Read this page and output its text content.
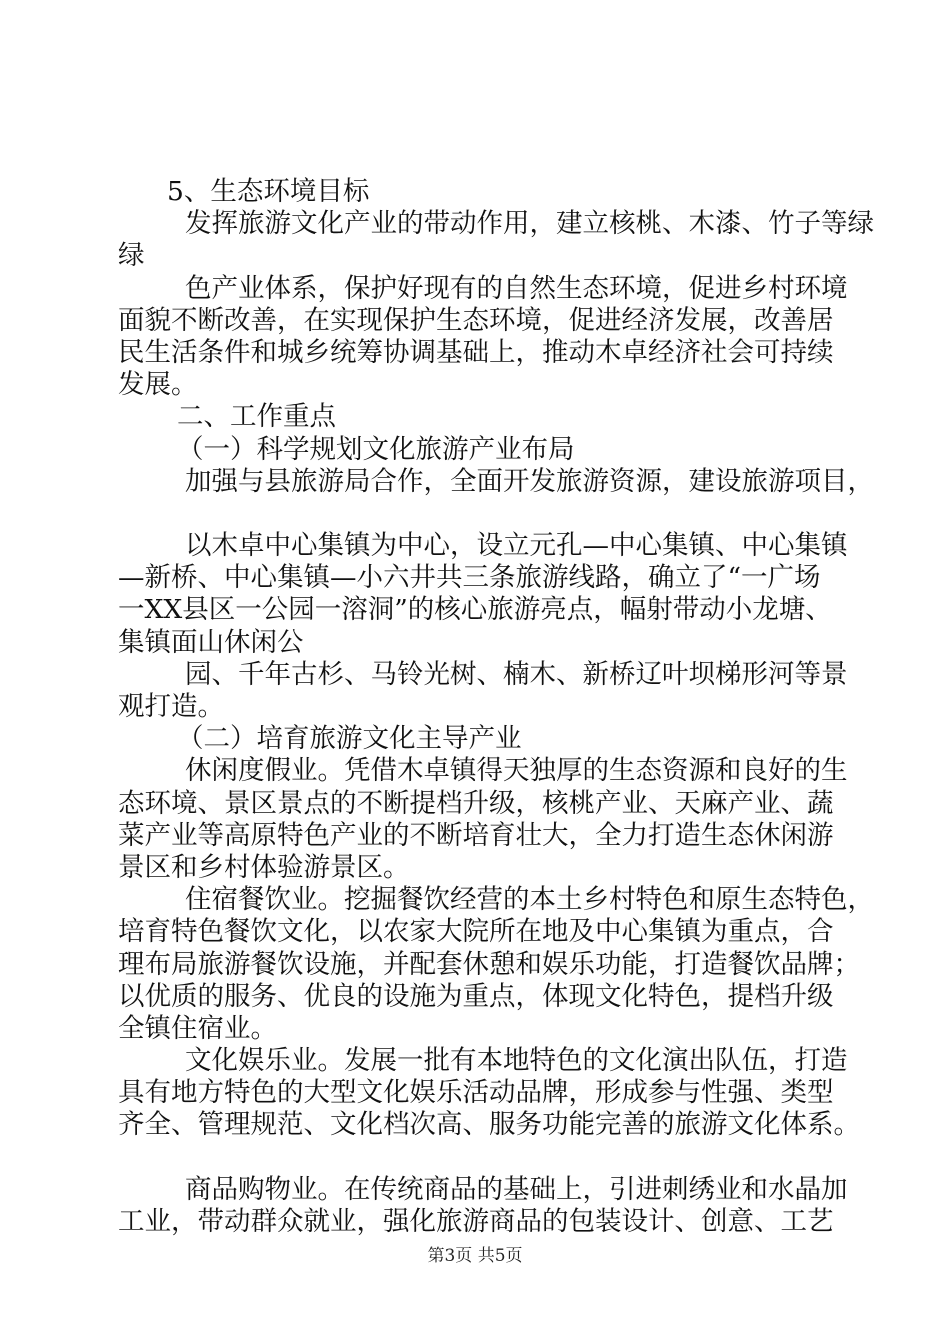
5、生态环境目标
发挥旅游文化产业的带动作用，建立核桃、木漆、竹子等绿
绿
色产业体系，保护好现有的自然生态环境，促进乡村环境
面貌不断改善，在实现保护生态环境，促进经济发展，改善居
民生活条件和城乡统筹协调基础上，推动木卓经济社会可持续
发展。
二、工作重点
（一）科学规划文化旅游产业布局
加强与县旅游局合作，全面开发旅游资源，建设旅游项目，
以木卓中心集镇为中心，设立元孔—中心集镇、中心集镇
—新桥、中心集镇—小六井共三条旅游线路，确立了“一广场
一XX县区一公园一溶洞”的核心旅游亮点，幅射带动小龙塘、
集镇面山休闲公
园、千年古杉、马铃光树、楠木、新桥辽叶坝梯形河等景
观打造。
（二）培育旅游文化主导产业
休闲度假业。凭借木卓镇得天独厚的生态资源和良好的生
态环境、景区景点的不断提档升级，核桃产业、天麻产业、蔬
菜产业等高原特色产业的不断培育壮大，全力打造生态休闲游
景区和乡村体验游景区。
住宿餐饮业。挖掘餐饮经营的本土乡村特色和原生态特色，
培育特色餐饮文化，以农家大院所在地及中心集镇为重点，合
理布局旅游餐饮设施，并配套休憩和娱乐功能，打造餐饮品牌；
以优质的服务、优良的设施为重点，体现文化特色，提档升级
全镇住宿业。
文化娱乐业。发展一批有本地特色的文化演出队伍，打造
具有地方特色的大型文化娱乐活动品牌，形成参与性强、类型
齐全、管理规范、文化档次高、服务功能完善的旅游文化体系。
商品购物业。在传统商品的基础上，引进刺绣业和水晶加
工业，带动群众就业，强化旅游商品的包装设计、创意、工艺
第3页 共5页
